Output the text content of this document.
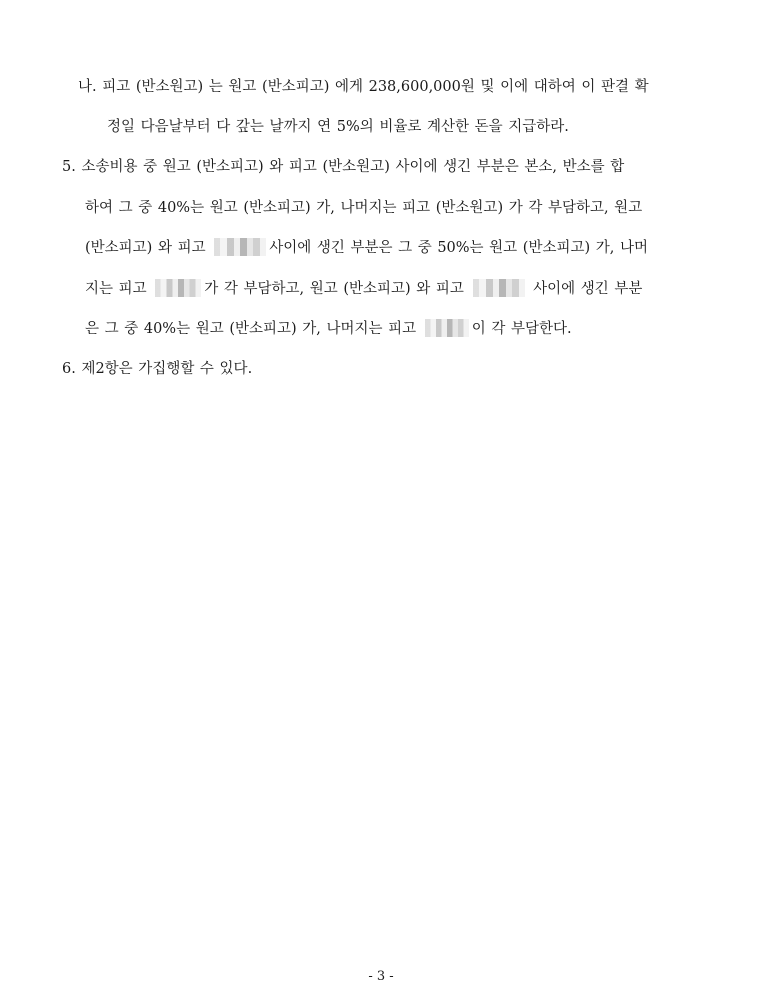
나. 피고 (반소원고) 는 원고 (반소피고) 에게 238,600,000원 및 이에 대하여 이 판결 확
정일 다음날부터 다 갚는 날까지 연 5%의 비율로 계산한 돈을 지급하라.
5. 소송비용 중 원고 (반소피고) 와 피고 (반소원고) 사이에 생긴 부분은 본소, 반소를 합
하여 그 중 40%는 원고 (반소피고) 가, 나머지는 피고 (반소원고) 가 각 부담하고, 원고
(반소피고) 와 피고	사이에 생긴 부분은 그 중 50%는 원고 (반소피고) 가, 나머
지는 피고	가 각 부담하고, 원고 (반소피고) 와 피고	사이에 생긴 부분
은 그 중 40%는 원고 (반소피고) 가, 나머지는 피고	이 각 부담한다.
6. 제2항은 가집행할 수 있다.
- 3 -
